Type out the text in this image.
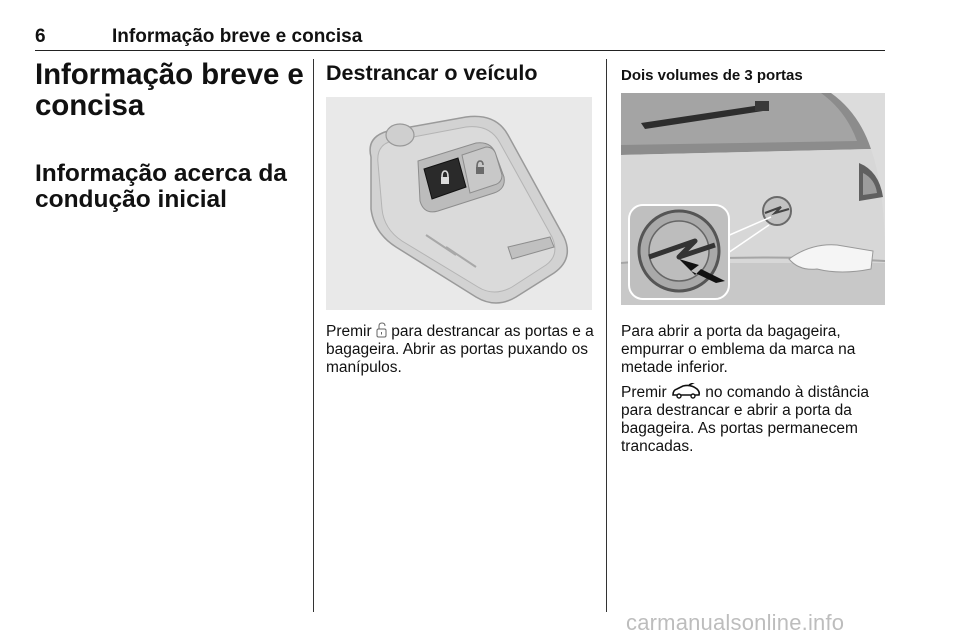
6	Informação breve e concisa
Informação breve e concisa
Informação acerca da condução inicial
Destrancar o veículo

Premir  para destrancar as portas e a bagageira. Abrir as portas puxando os manípulos.

Dois volumes de 3 portas

Para abrir a porta da bagageira, empurrar o emblema da marca na metade inferior.

Premir  no comando à distância para destrancar e abrir a porta da bagageira. As portas permanecem trancadas.

carmanualsonline.info
